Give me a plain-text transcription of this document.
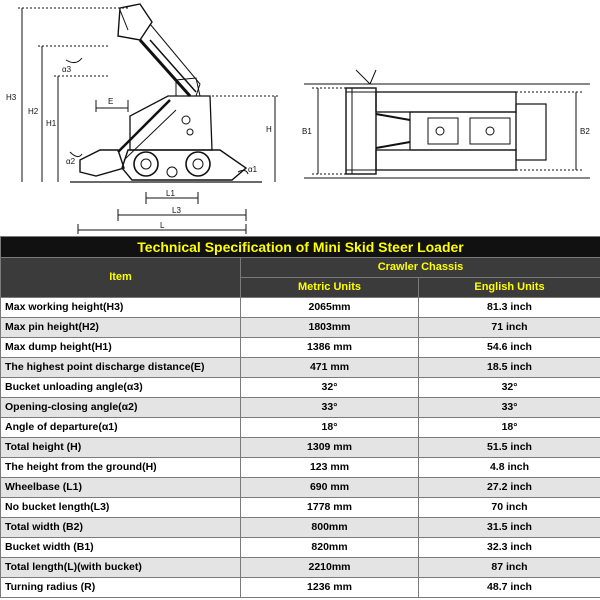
H3
H2
H1
H
E
α3
α2
α1
L1
L3
L
B1	B2
Technical Specification of Mini Skid Steer Loader		
Item	Crawler Chassis	
	Metric Units	English Units
Max working height(H3)	2065mm	81.3 inch
Max pin height(H2)	1803mm	71 inch
Max dump height(H1)	1386 mm	54.6 inch
The highest point discharge distance(E)	471 mm	18.5 inch
Bucket unloading angle(α3)	32°	32°
Opening-closing angle(α2)	33°	33°
Angle of departure(α1)	18°	18°
Total height (H)	1309 mm	51.5 inch
The height from the ground(H)	123 mm	4.8 inch
Wheelbase (L1)	690 mm	27.2 inch
No bucket length(L3)	1778 mm	70 inch
Total width (B2)	800mm	31.5 inch
Bucket width (B1)	820mm	32.3 inch
Total length(L)(with bucket)	2210mm	87 inch
Turning radius (R)	1236 mm	48.7 inch
